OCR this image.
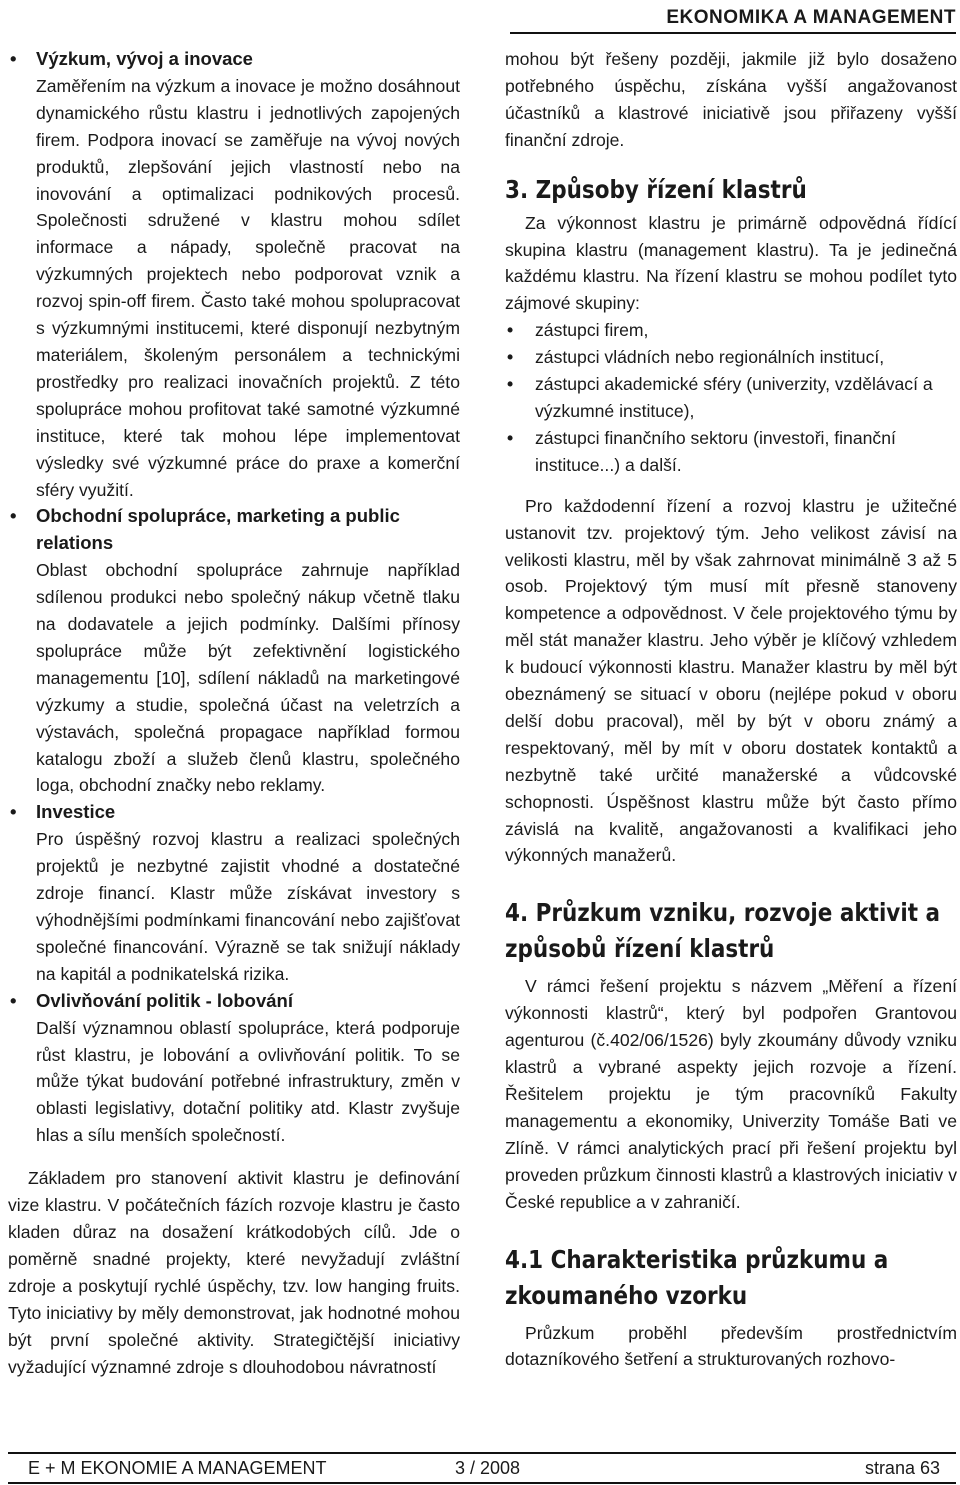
EKONOMIKA A MANAGEMENT
• Výzkum, vývoj a inovace

Zaměřením na výzkum a inovace je možno dosáhnout dynamického růstu klastru i jednotlivých zapojených firem. Podpora inovací se zaměřuje na vývoj nových produktů, zlepšování jejich vlastností nebo na inovování a optimalizaci podnikových procesů. Společnosti sdružené v klastru mohou sdílet informace a nápady, společně pracovat na výzkumných projektech nebo podporovat vznik a rozvoj spin-off firem. Často také mohou spolupracovat s výzkumnými institucemi, které disponují nezbytným materiálem, školeným personálem a technickými prostředky pro realizaci inovačních projektů. Z této spolupráce mohou profitovat také samotné výzkumné instituce, které tak mohou lépe implementovat výsledky své výzkumné práce do praxe a komerční sféry využití.

• Obchodní spolupráce, marketing a public relations

Oblast obchodní spolupráce zahrnuje například sdílenou produkci nebo společný nákup včetně tlaku na dodavatele a jejich podmínky. Dalšími přínosy spolupráce může být zefektivnění logistického managementu [10], sdílení nákladů na marketingové výzkumy a studie, společná účast na veletrzích a výstavách, společná propagace například formou katalogu zboží a služeb členů klastru, společného loga, obchodní značky nebo reklamy.

• Investice

Pro úspěšný rozvoj klastru a realizaci společných projektů je nezbytné zajistit vhodné a dostatečné zdroje financí. Klastr může získávat investory s výhodnějšími podmínkami financování nebo zajišťovat společné financování. Výrazně se tak snižují náklady na kapitál a podnikatelská rizika.

• Ovlivňování politik - lobování

Další významnou oblastí spolupráce, která podporuje růst klastru, je lobování a ovlivňování politik. To se může týkat budování potřebné infrastruktury, změn v oblasti legislativy, dotační politiky atd. Klastr zvyšuje hlas a sílu menších společností.

Základem pro stanovení aktivit klastru je definování vize klastru. V počátečních fázích rozvoje klastru je často kladen důraz na dosažení krátkodobých cílů. Jde o poměrně snadné projekty, které nevyžadují zvláštní zdroje a poskytují rychlé úspěchy, tzv. low hanging fruits. Tyto iniciativy by měly demonstrovat, jak hodnotné mohou být první společné aktivity. Strategičtější iniciativy vyžadující významné zdroje s dlouhodobou návratností

mohou být řešeny později, jakmile již bylo dosaženo potřebného úspěchu, získána vyšší angažovanost účastníků a klastrové iniciativě jsou přiřazeny vyšší finanční zdroje.

3. Způsoby řízení klastrů

Za výkonnost klastru je primárně odpovědná řídící skupina klastru (management klastru). Ta je jedinečná každému klastru. Na řízení klastru se mohou podílet tyto zájmové skupiny:

• zástupci firem,
• zástupci vládních nebo regionálních institucí,
• zástupci akademické sféry (univerzity, vzdělávací a výzkumné instituce),
• zástupci finančního sektoru (investoři, finanční instituce...) a další.

Pro každodenní řízení a rozvoj klastru je užitečné ustanovit tzv. projektový tým. Jeho velikost závisí na velikosti klastru, měl by však zahrnovat minimálně 3 až 5 osob. Projektový tým musí mít přesně stanoveny kompetence a odpovědnost. V čele projektového týmu by měl stát manažer klastru. Jeho výběr je klíčový vzhledem k budoucí výkonnosti klastru. Manažer klastru by měl být obeznámený se situací v oboru (nejlépe pokud v oboru delší dobu pracoval), měl by být v oboru známý a respektovaný, měl by mít v oboru dostatek kontaktů a nezbytně také určité manažerské a vůdcovské schopnosti. Úspěšnost klastru může být často přímo závislá na kvalitě, angažovanosti a kvalifikaci jeho výkonných manažerů.

4. Průzkum vzniku, rozvoje aktivit a způsobů řízení klastrů

V rámci řešení projektu s názvem „Měření a řízení výkonnosti klastrů“, který byl podpořen Grantovou agenturou (č.402/06/1526) byly zkoumány důvody vzniku klastrů a vybrané aspekty jejich rozvoje a řízení. Řešitelem projektu je tým pracovníků Fakulty managementu a ekonomiky, Univerzity Tomáše Bati ve Zlíně. V rámci analytických prací při řešení projektu byl proveden průzkum činnosti klastrů a klastrových iniciativ v České republice a v zahraničí.

4.1 Charakteristika průzkumu a zkoumaného vzorku

Průzkum proběhl především prostřednictvím dotazníkového šetření a strukturovaných rozhovo-

E + M EKONOMIE A MANAGEMENT	3 / 2008	strana 63
